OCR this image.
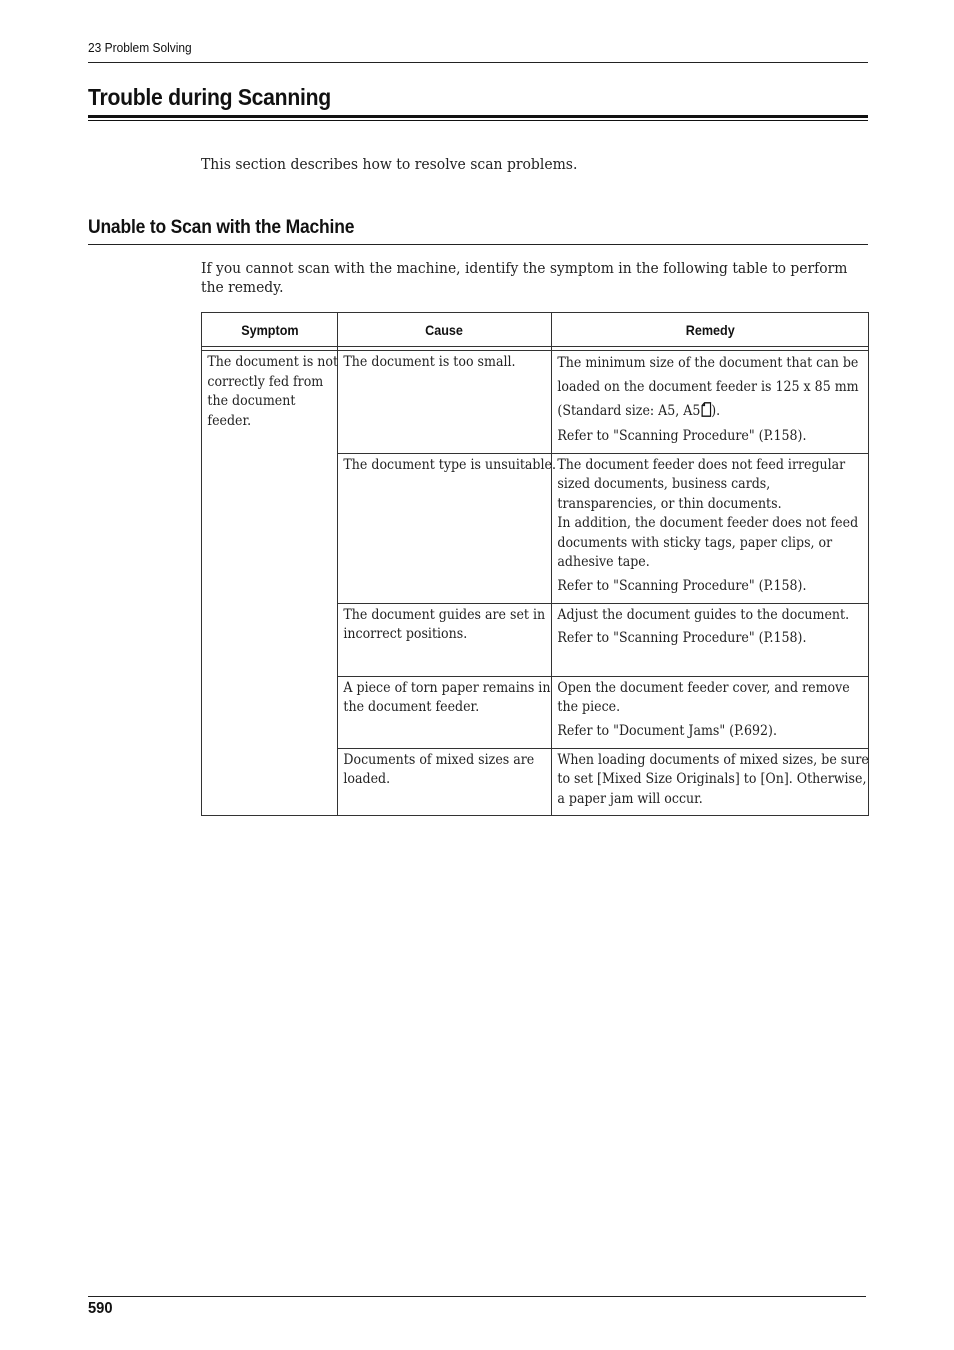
23 Problem Solving
Trouble during Scanning

This section describes how to resolve scan problems.

Unable to Scan with the Machine

If you cannot scan with the machine, identify the symptom in the following table to perform the remedy.

Symptom	Cause	Remedy

The document is not correctly fed from the document feeder.	The document is too small.	The minimum size of the document that can be loaded on the document feeder is 125 x 85 mm (Standard size: A5, A5 ).

Refer to "Scanning Procedure" (P.158).

	The document type is unsuitable.	The document feeder does not feed irregular sized documents, business cards, transparencies, or thin documents.
In addition, the document feeder does not feed documents with sticky tags, paper clips, or adhesive tape.

Refer to "Scanning Procedure" (P.158).

	The document guides are set in incorrect positions.	Adjust the document guides to the document.

Refer to "Scanning Procedure" (P.158).

	A piece of torn paper remains in the document feeder.	Open the document feeder cover, and remove the piece.

Refer to "Document Jams" (P.692).

	Documents of mixed sizes are loaded.	When loading documents of mixed sizes, be sure to set [Mixed Size Originals] to [On]. Otherwise, a paper jam will occur.

590
